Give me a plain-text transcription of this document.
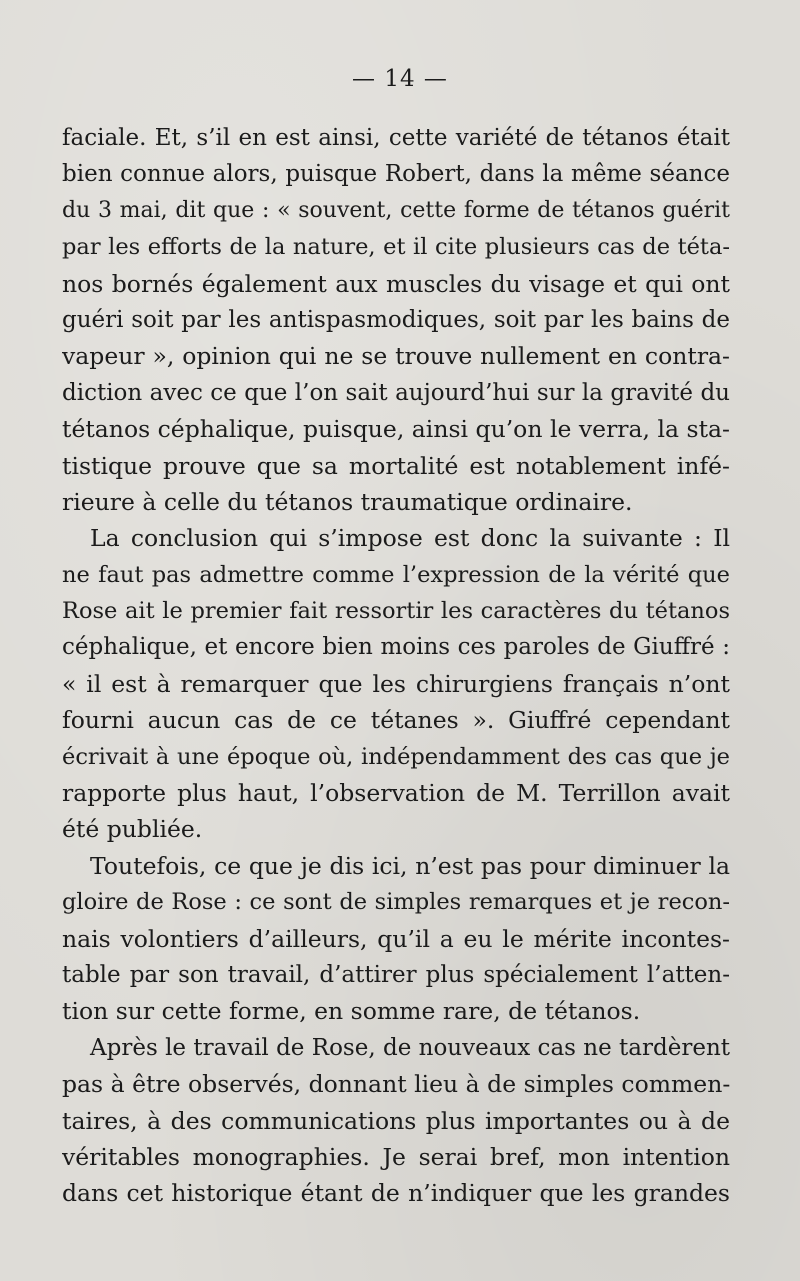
— 14 —
faciale. Et, s’il en est ainsi, cette variété de tétanos était
bien connue alors, puisque Robert, dans la même séance
du 3 mai, dit que : « souvent, cette forme de tétanos guérit
par les efforts de la nature, et il cite plusieurs cas de téta-
nos bornés également aux muscles du visage et qui ont
guéri soit par les antispasmodiques, soit par les bains de
vapeur », opinion qui ne se trouve nullement en contra-
diction avec ce que l’on sait aujourd’hui sur la gravité du
tétanos céphalique, puisque, ainsi qu’on le verra, la sta-
tistique prouve que sa mortalité est notablement infé-
rieure à celle du tétanos traumatique ordinaire.
La conclusion qui s’impose est donc la suivante : Il
ne faut pas admettre comme l’expression de la vérité que
Rose ait le premier fait ressortir les caractères du tétanos
céphalique, et encore bien moins ces paroles de Giuffré :
« il est à remarquer que les chirurgiens français n’ont
fourni aucun cas de ce tétanes ». Giuffré cependant
écrivait à une époque où, indépendamment des cas que je
rapporte plus haut, l’observation de M. Terrillon avait
été publiée.
Toutefois, ce que je dis ici, n’est pas pour diminuer la
gloire de Rose : ce sont de simples remarques et je recon-
nais volontiers d’ailleurs, qu’il a eu le mérite incontes-
table par son travail, d’attirer plus spécialement l’atten-
tion sur cette forme, en somme rare, de tétanos.
Après le travail de Rose, de nouveaux cas ne tardèrent
pas à être observés, donnant lieu à de simples commen-
taires, à des communications plus importantes ou à de
véritables monographies. Je serai bref, mon intention
dans cet historique étant de n’indiquer que les grandes
